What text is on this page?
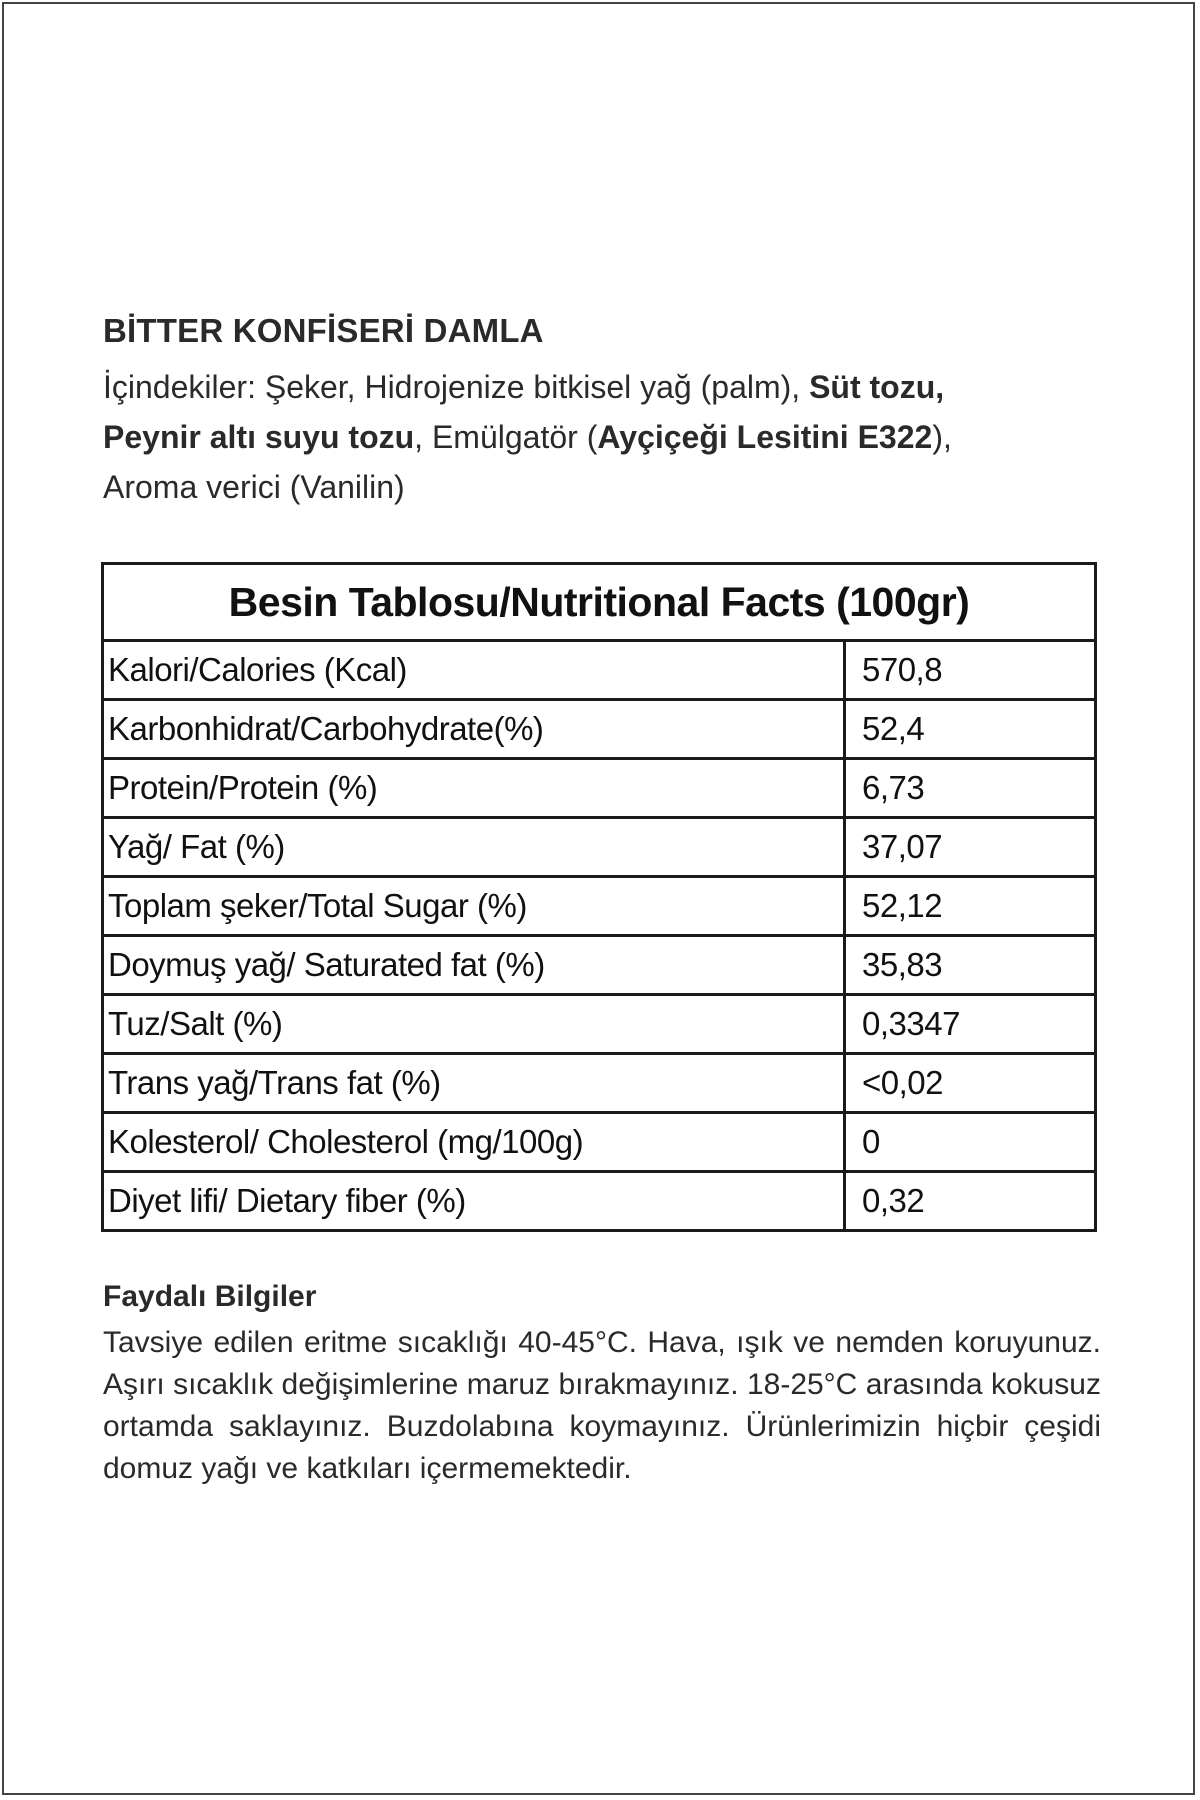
BİTTER KONFİSERİ DAMLA
İçindekiler: Şeker, Hidrojenize bitkisel yağ (palm), Süt tozu,
Peynir altı suyu tozu, Emülgatör (Ayçiçeği Lesitini E322),
Aroma verici (Vanilin)
Besin Tablosu/Nutritional Facts (100gr)	
Kalori/Calories (Kcal)	570,8
Karbonhidrat/Carbohydrate(%)	52,4
Protein/Protein (%)	6,73
Yağ/ Fat (%)	37,07
Toplam şeker/Total Sugar (%)	52,12
Doymuş yağ/ Saturated fat (%)	35,83
Tuz/Salt (%)	0,3347
Trans yağ/Trans fat (%)	<0,02
Kolesterol/ Cholesterol (mg/100g)	0
Diyet lifi/ Dietary fiber (%)	0,32
Faydalı Bilgiler
Tavsiye edilen eritme sıcaklığı 40-45°C. Hava, ışık ve nemden koruyunuz. Aşırı sıcaklık değişimlerine maruz bırakmayınız. 18-25°C arasında kokusuz ortamda saklayınız. Buzdolabına koymayınız. Ürünlerimizin hiçbir çeşidi domuz yağı ve katkıları içermemektedir.
